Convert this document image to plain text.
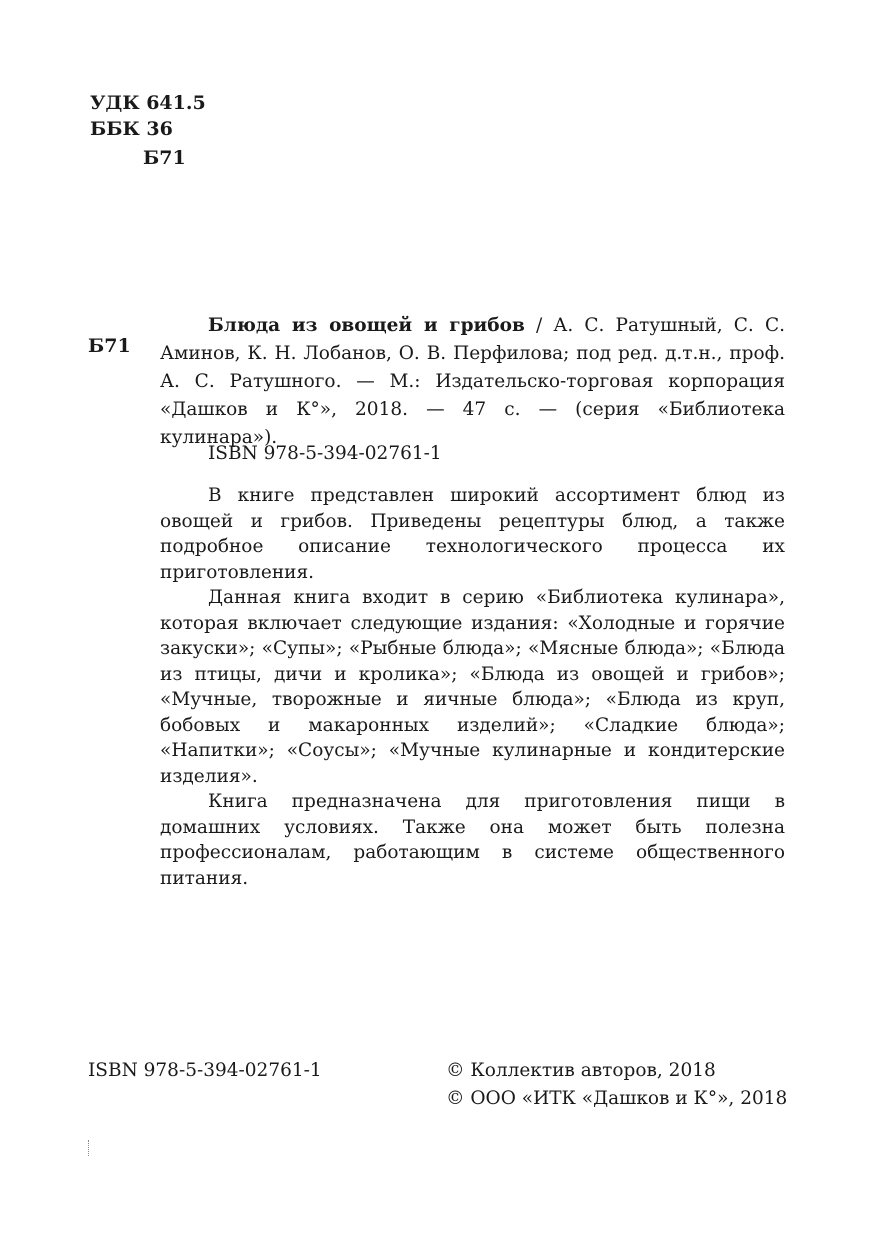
УДК 641.5
ББК 36
Б71
Б71

Блюда из овощей и грибов / А. С. Ратушный, С. С. Аминов, К. Н. Лобанов, О. В. Перфилова; под ред. д.т.н., проф. А. С. Ратушного. — М.: Издательско-торговая корпорация «Дашков и К°», 2018. — 47 с. — (серия «Библиотека кулинара»).

ISBN 978-5-394-02761-1

В книге представлен широкий ассортимент блюд из овощей и грибов. Приведены рецептуры блюд, а также подробное описание технологического процесса их приготовления.

Данная книга входит в серию «Библиотека кулинара», которая включает следующие издания: «Холодные и горячие закуски»; «Супы»; «Рыбные блюда»; «Мясные блюда»; «Блюда из птицы, дичи и кролика»; «Блюда из овощей и грибов»; «Мучные, творожные и яичные блюда»; «Блюда из круп, бобовых и макаронных изделий»; «Сладкие блюда»; «Напитки»; «Соусы»; «Мучные кулинарные и кондитерские изделия».

Книга предназначена для приготовления пищи в домашних условиях. Также она может быть полезна профессионалам, работающим в системе общественного питания.

ISBN 978-5-394-02761-1	© Коллектив авторов, 2018
© ООО «ИТК «Дашков и К°», 2018
